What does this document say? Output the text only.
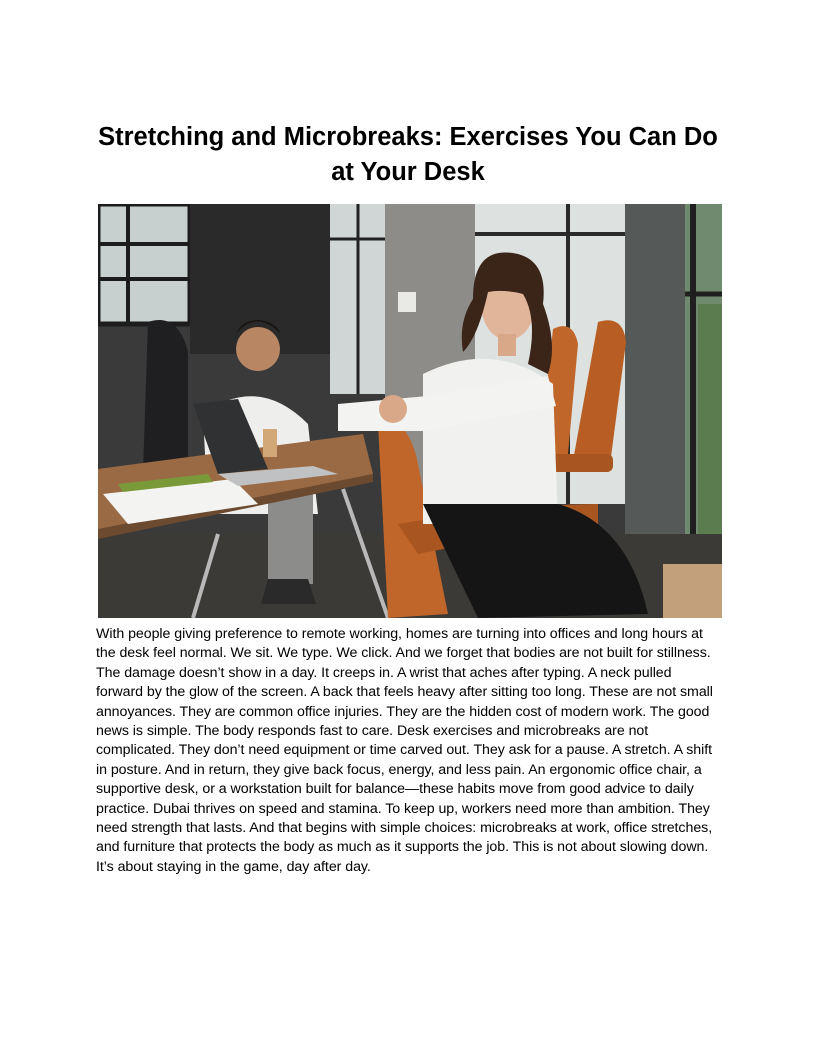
Stretching and Microbreaks: Exercises You Can Do at Your Desk

With people giving preference to remote working, homes are turning into offices and long hours at the desk feel normal. We sit. We type. We click. And we forget that bodies are not built for stillness. The damage doesn’t show in a day. It creeps in. A wrist that aches after typing. A neck pulled forward by the glow of the screen. A back that feels heavy after sitting too long. These are not small annoyances. They are common office injuries. They are the hidden cost of modern work. The good news is simple. The body responds fast to care. Desk exercises and microbreaks are not complicated. They don’t need equipment or time carved out. They ask for a pause. A stretch. A shift in posture. And in return, they give back focus, energy, and less pain. An ergonomic office chair, a supportive desk, or a workstation built for balance—these habits move from good advice to daily practice. Dubai thrives on speed and stamina. To keep up, workers need more than ambition. They need strength that lasts. And that begins with simple choices: microbreaks at work, office stretches, and furniture that protects the body as much as it supports the job. This is not about slowing down. It’s about staying in the game, day after day.
